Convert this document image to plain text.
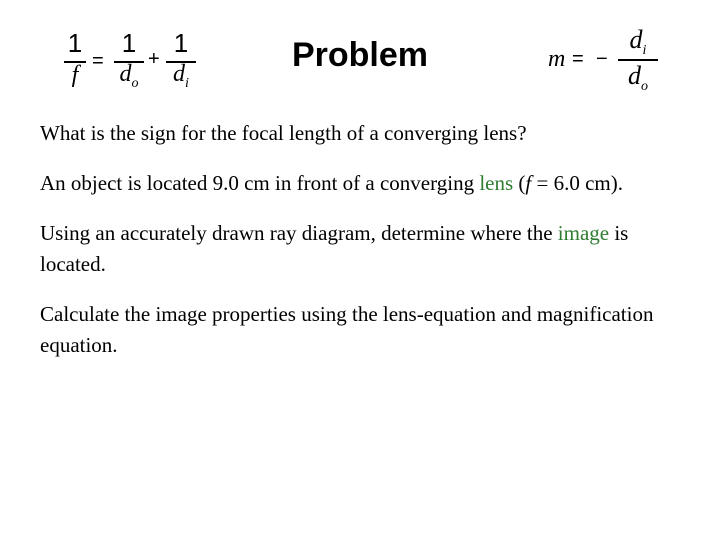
1
f
=
1
$d_o$
+
1
$d_i$
Problem	m = −
$d_i$
$d_o$

What is the sign for the focal length of a converging lens?

An object is located 9.0 cm in front of a converging lens (f = 6.0 cm).

Using an accurately drawn ray diagram, determine where the image is located.

Calculate the image properties using the lens-equation and magnification equation.
